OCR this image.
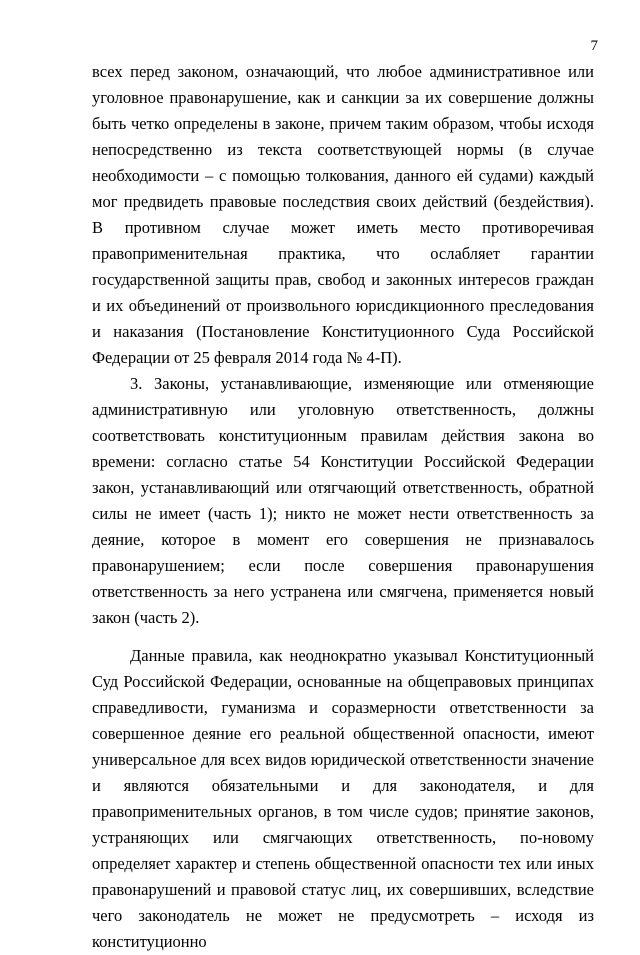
7

всех перед законом, означающий, что любое административное или уголовное правонарушение, как и санкции за их совершение должны быть четко определены в законе, причем таким образом, чтобы исходя непосредственно из текста соответствующей нормы (в случае необходимости – с помощью толкования, данного ей судами) каждый мог предвидеть правовые последствия своих действий (бездействия). В противном случае может иметь место противоречивая правоприменительная практика, что ослабляет гарантии государственной защиты прав, свобод и законных интересов граждан и их объединений от произвольного юрисдикционного преследования и наказания (Постановление Конституционного Суда Российской Федерации от 25 февраля 2014 года № 4-П).

3. Законы, устанавливающие, изменяющие или отменяющие административную или уголовную ответственность, должны соответствовать конституционным правилам действия закона во времени: согласно статье 54 Конституции Российской Федерации закон, устанавливающий или отягчающий ответственность, обратной силы не имеет (часть 1); никто не может нести ответственность за деяние, которое в момент его совершения не признавалось правонарушением; если после совершения правонарушения ответственность за него устранена или смягчена, применяется новый закон (часть 2).

Данные правила, как неоднократно указывал Конституционный Суд Российской Федерации, основанные на общеправовых принципах справедливости, гуманизма и соразмерности ответственности за совершенное деяние его реальной общественной опасности, имеют универсальное для всех видов юридической ответственности значение и являются обязательными и для законодателя, и для правоприменительных органов, в том числе судов; принятие законов, устраняющих или смягчающих ответственность, по-новому определяет характер и степень общественной опасности тех или иных правонарушений и правовой статус лиц, их совершивших, вследствие чего законодатель не может не предусмотреть – исходя из конституционно
